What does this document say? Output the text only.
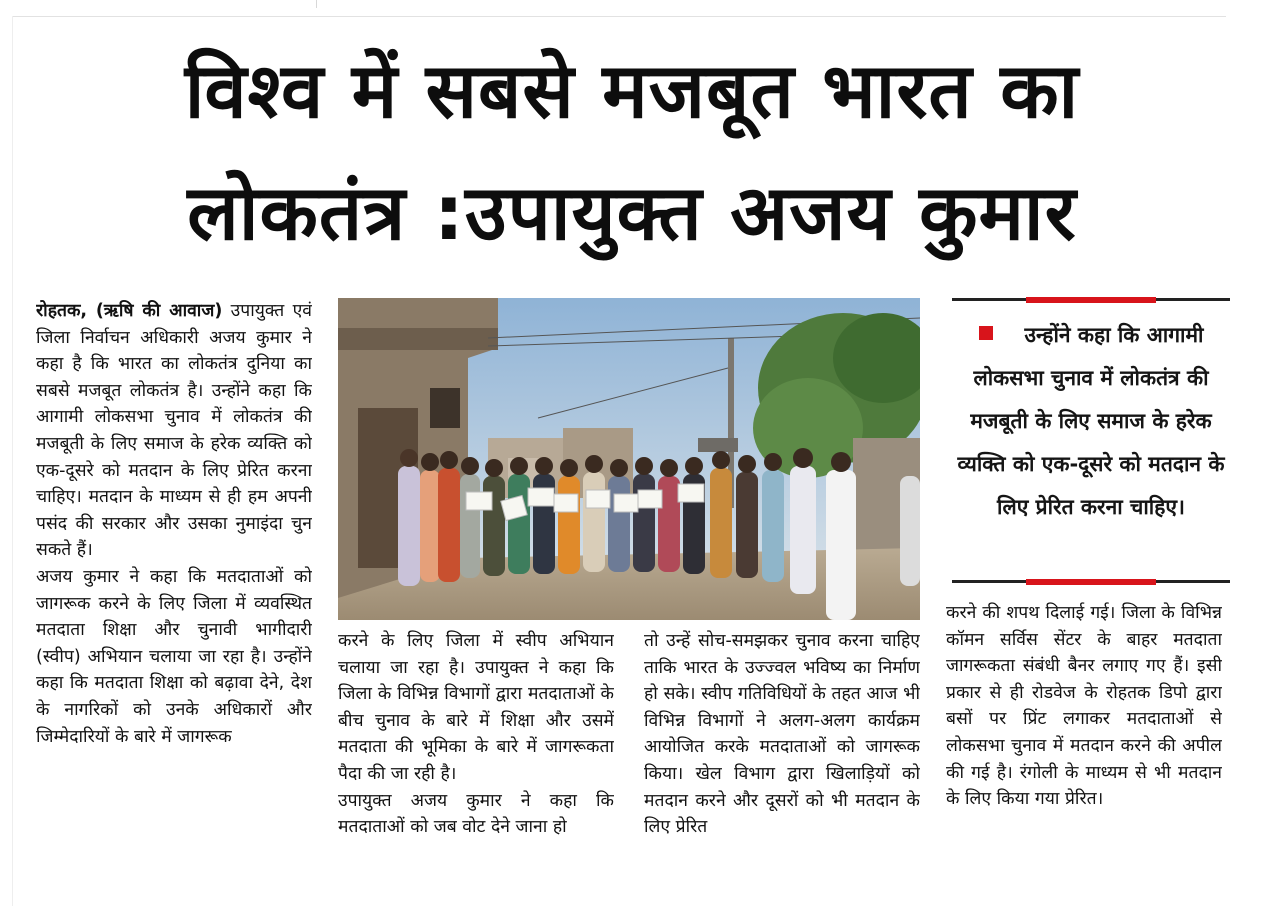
विश्व में सबसे मजबूत भारत का
लोकतंत्र :उपायुक्त अजय कुमार

रोहतक, (ऋषि की आवाज) उपायुक्त एवं जिला निर्वाचन अधिकारी अजय कुमार ने कहा है कि भारत का लोकतंत्र दुनिया का सबसे मजबूत लोकतंत्र है। उन्होंने कहा कि आगामी लोकसभा चुनाव में लोकतंत्र की मजबूती के लिए समाज के हरेक व्यक्ति को एक-दूसरे को मतदान के लिए प्रेरित करना चाहिए। मतदान के माध्यम से ही हम अपनी पसंद की सरकार और उसका नुमाइंदा चुन सकते हैं।

अजय कुमार ने कहा कि मतदाताओं को जागरूक करने के लिए जिला में व्यवस्थित मतदाता शिक्षा और चुनावी भागीदारी (स्वीप) अभियान चलाया जा रहा है। उन्होंने कहा कि मतदाता शिक्षा को बढ़ावा देने, देश के नागरिकों को उनके अधिकारों और जिम्मेदारियों के बारे में जागरूक

उन्होंने कहा कि आगामी लोकसभा चुनाव में लोकतंत्र की मजबूती के लिए समाज के हरेक व्यक्ति को एक-दूसरे को मतदान के लिए प्रेरित करना चाहिए।

करने के लिए जिला में स्वीप अभियान चलाया जा रहा है। उपायुक्त ने कहा कि जिला के विभिन्न विभागों द्वारा मतदाताओं के बीच चुनाव के बारे में शिक्षा और उसमें मतदाता की भूमिका के बारे में जागरूकता पैदा की जा रही है।

उपायुक्त अजय कुमार ने कहा कि मतदाताओं को जब वोट देने जाना हो

तो उन्हें सोच-समझकर चुनाव करना चाहिए ताकि भारत के उज्ज्वल भविष्य का निर्माण हो सके। स्वीप गतिविधियों के तहत आज भी विभिन्न विभागों ने अलग-अलग कार्यक्रम आयोजित करके मतदाताओं को जागरूक किया। खेल विभाग द्वारा खिलाड़ियों को मतदान करने और दूसरों को भी मतदान के लिए प्रेरित

करने की शपथ दिलाई गई। जिला के विभिन्न कॉमन सर्विस सेंटर के बाहर मतदाता जागरूकता संबंधी बैनर लगाए गए हैं। इसी प्रकार से ही रोडवेज के रोहतक डिपो द्वारा बसों पर प्रिंट लगाकर मतदाताओं से लोकसभा चुनाव में मतदान करने की अपील की गई है। रंगोली के माध्यम से भी मतदान के लिए किया गया प्रेरित।
